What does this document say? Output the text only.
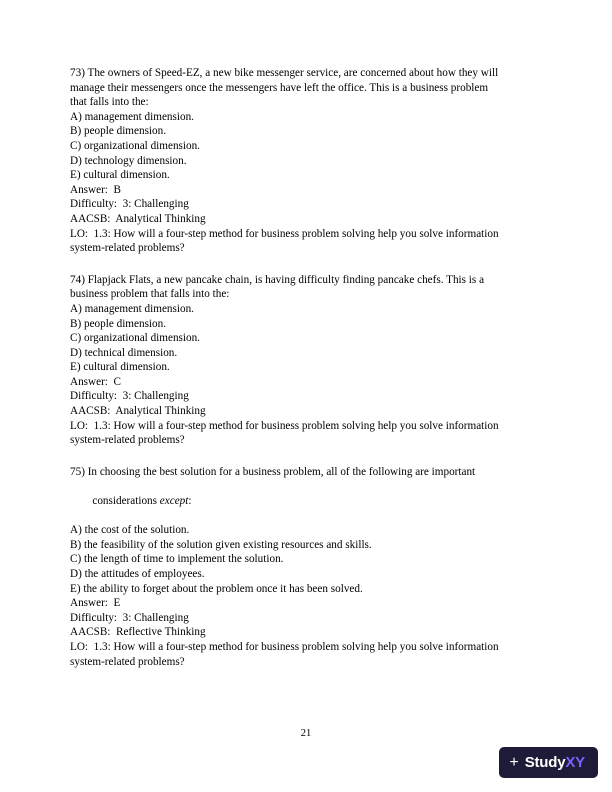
73) The owners of Speed-EZ, a new bike messenger service, are concerned about how they will
manage their messengers once the messengers have left the office. This is a business problem
that falls into the:
A) management dimension.
B) people dimension.
C) organizational dimension.
D) technology dimension.
E) cultural dimension.
Answer:  B
Difficulty:  3: Challenging
AACSB:  Analytical Thinking
LO:  1.3: How will a four-step method for business problem solving help you solve information
system-related problems?
74) Flapjack Flats, a new pancake chain, is having difficulty finding pancake chefs. This is a
business problem that falls into the:
A) management dimension.
B) people dimension.
C) organizational dimension.
D) technical dimension.
E) cultural dimension.
Answer:  C
Difficulty:  3: Challenging
AACSB:  Analytical Thinking
LO:  1.3: How will a four-step method for business problem solving help you solve information
system-related problems?
75) In choosing the best solution for a business problem, all of the following are important

considerations except:

A) the cost of the solution.
B) the feasibility of the solution given existing resources and skills.
C) the length of time to implement the solution.
D) the attitudes of employees.
E) the ability to forget about the problem once it has been solved.
Answer:  E
Difficulty:  3: Challenging
AACSB:  Reflective Thinking
LO:  1.3: How will a four-step method for business problem solving help you solve information
system-related problems?
21
+ StudyXY
